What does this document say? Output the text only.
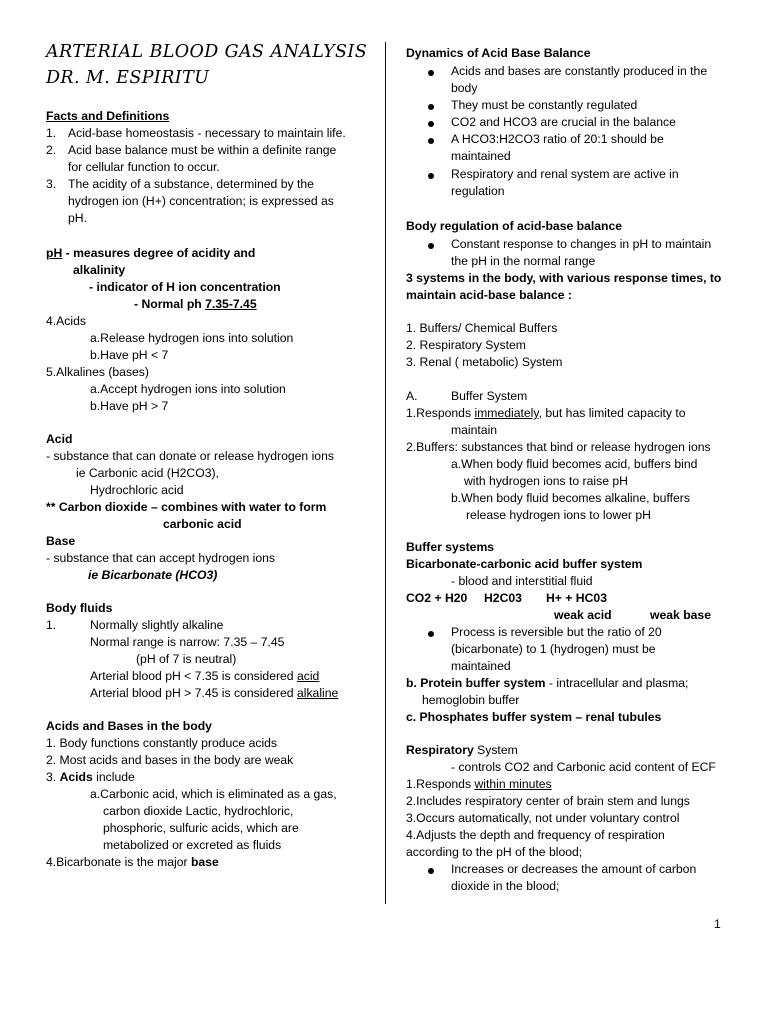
ARTERIAL BLOOD GAS ANALYSIS
DR. M. ESPIRITU
Facts and Definitions
1. Acid-base homeostasis - necessary to maintain life.
2. Acid base balance must be within a definite range
for cellular function to occur.
3. The acidity of a substance, determined by the
hydrogen ion (H+) concentration; is expressed as
pH.
pH - measures degree of acidity and
alkalinity
- indicator of H ion concentration
- Normal ph 7.35-7.45
4.Acids
a.Release hydrogen ions into solution
b.Have pH < 7
5.Alkalines (bases)
a.Accept hydrogen ions into solution
b.Have pH > 7
Acid
- substance that can donate or release hydrogen ions
ie Carbonic acid (H2CO3),
Hydrochloric acid
** Carbon dioxide – combines with water to form
carbonic acid
Base
- substance that can accept hydrogen ions
ie Bicarbonate (HCO3)
Body fluids
1.	Normally slightly alkaline
Normal range is narrow: 7.35 – 7.45
(pH of 7 is neutral)
Arterial blood pH < 7.35 is considered acid
Arterial blood pH > 7.45 is considered alkaline
Acids and Bases in the body
1. Body functions constantly produce acids
2. Most acids and bases in the body are weak
3. Acids include
a.Carbonic acid, which is eliminated as a gas,
carbon dioxide Lactic, hydrochloric,
phosphoric, sulfuric acids, which are
metabolized or excreted as fluids
4.Bicarbonate is the major base
Dynamics of Acid Base Balance
Acids and bases are constantly produced in the
body
They must be constantly regulated
CO2 and HCO3 are crucial in the balance
A HCO3:H2CO3 ratio of 20:1 should be
maintained
Respiratory and renal system are active in
regulation
Body regulation of acid-base balance
Constant response to changes in pH to maintain
the pH in the normal range
3 systems in the body, with various response times, to
maintain acid-base balance :
1. Buffers/ Chemical Buffers
2. Respiratory System
3. Renal ( metabolic) System
A.	Buffer System
1.Responds immediately, but has limited capacity to
maintain
2.Buffers: substances that bind or release hydrogen ions
a.When body fluid becomes acid, buffers bind
with hydrogen ions to raise pH
b.When body fluid becomes alkaline, buffers
release hydrogen ions to lower pH
Buffer systems
Bicarbonate-carbonic acid buffer system
- blood and interstitial fluid
CO2 + H20 H2C03 H+ + HC03
weak acid	weak base
Process is reversible but the ratio of 20
(bicarbonate) to 1 (hydrogen) must be
maintained
b. Protein buffer system - intracellular and plasma;
hemoglobin buffer
c. Phosphates buffer system – renal tubules
Respiratory System
- controls CO2 and Carbonic acid content of ECF
1.Responds within minutes
2.Includes respiratory center of brain stem and lungs
3.Occurs automatically, not under voluntary control
4.Adjusts the depth and frequency of respiration
according to the pH of the blood;
Increases or decreases the amount of carbon
dioxide in the blood;
1
